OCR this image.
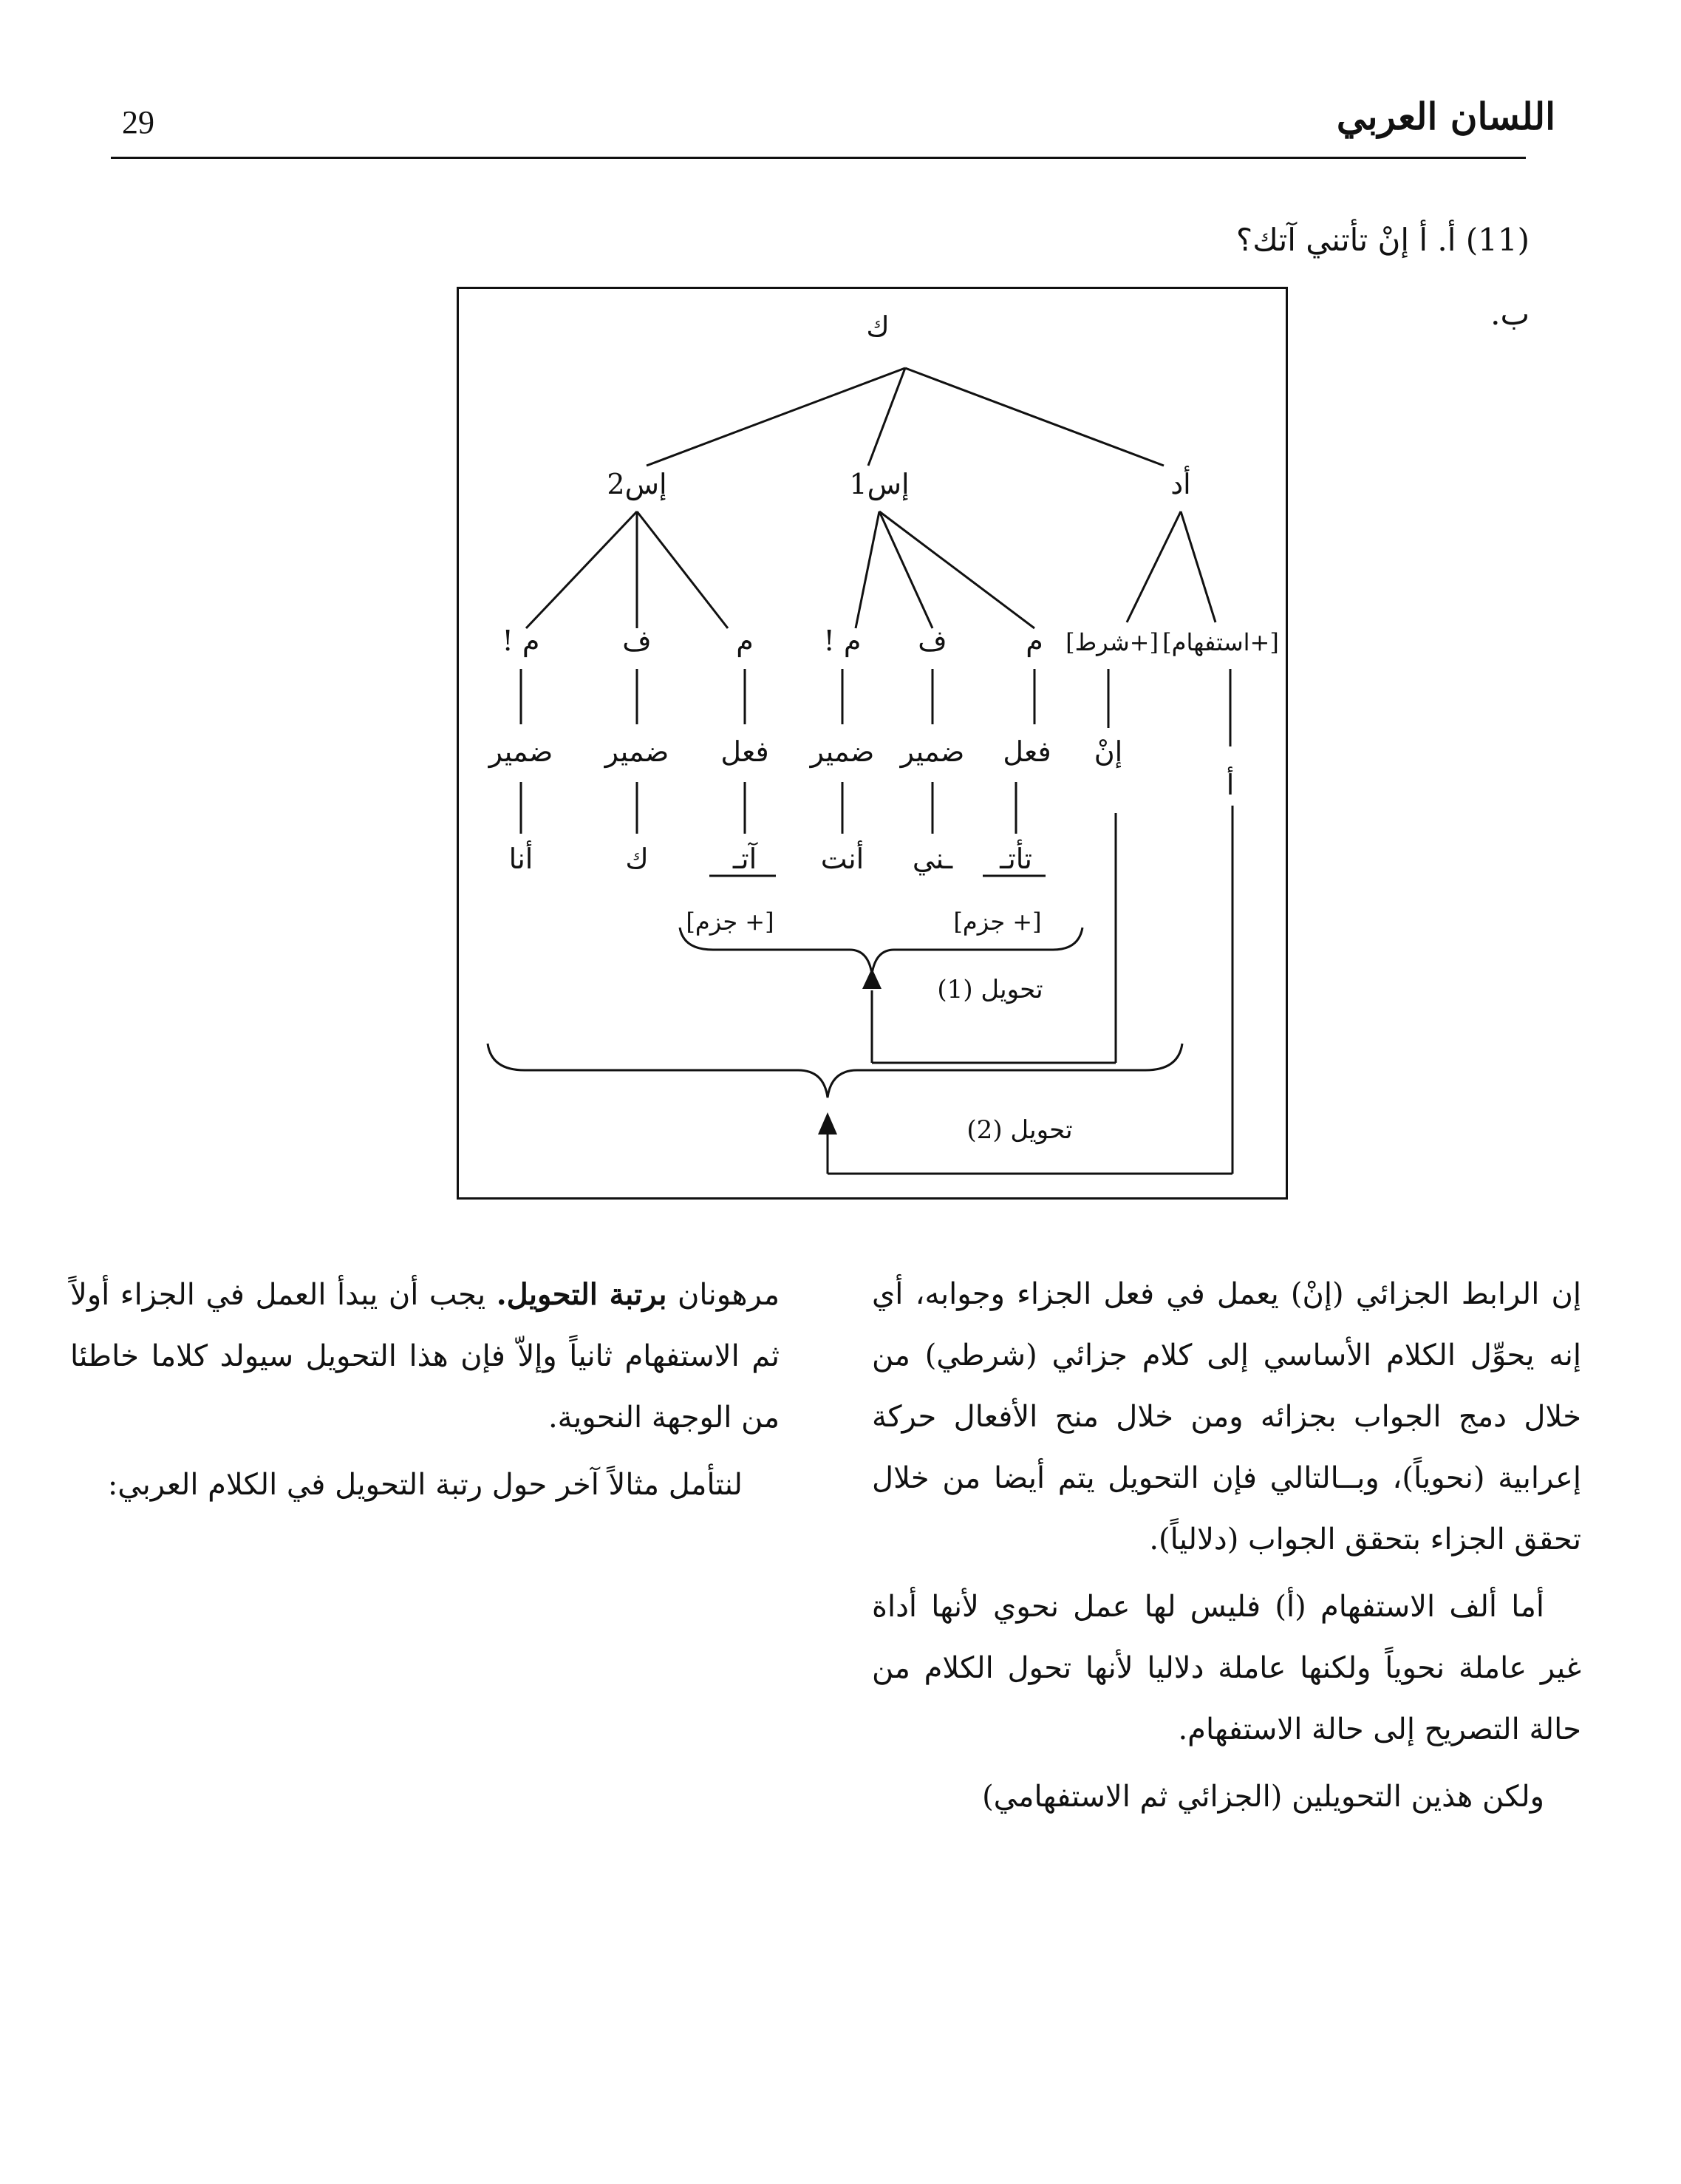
29	اللسان العربي
(11) أ. أ إنْ تأتني آتك؟
ب.
ك
أد
إس1
إس2
[+استفهام]
[+شرط]
م
ف
م !
م
ف
م !
إنْ
أ
فعل
ضمير
ضمير
فعل
ضمير
ضمير
تأتـ
ـني
أنت
آتـ
ك
أنا
[+ جزم]
[+ جزم]
تحويل (1)
تحويل (2)

إن الرابط الجزائي (إنْ) يعمل في فعل الجزاء وجوابه، أي إنه يحوِّل الكلام الأساسي إلى كلام جزائي (شرطي) من خلال دمج الجواب بجزائه ومن خلال منح الأفعال حركة إعرابية (نحوياً)، وبــالتالي فإن التحويل يتم أيضا من خلال تحقق الجزاء بتحقق الجواب (دلالياً).

أما ألف الاستفهام (أ) فليس لها عمل نحوي لأنها أداة غير عاملة نحوياً ولكنها عاملة دلاليا لأنها تحول الكلام من حالة التصريح إلى حالة الاستفهام.

ولكن هذين التحويلين (الجزائي ثم الاستفهامي)

مرهونان برتبة التحويل. يجب أن يبدأ العمل في الجزاء أولاً ثم الاستفهام ثانياً وإلاّ فإن هذا التحويل سيولد كلاما خاطئا من الوجهة النحوية.

لنتأمل مثالاً آخر حول رتبة التحويل في الكلام العربي:
